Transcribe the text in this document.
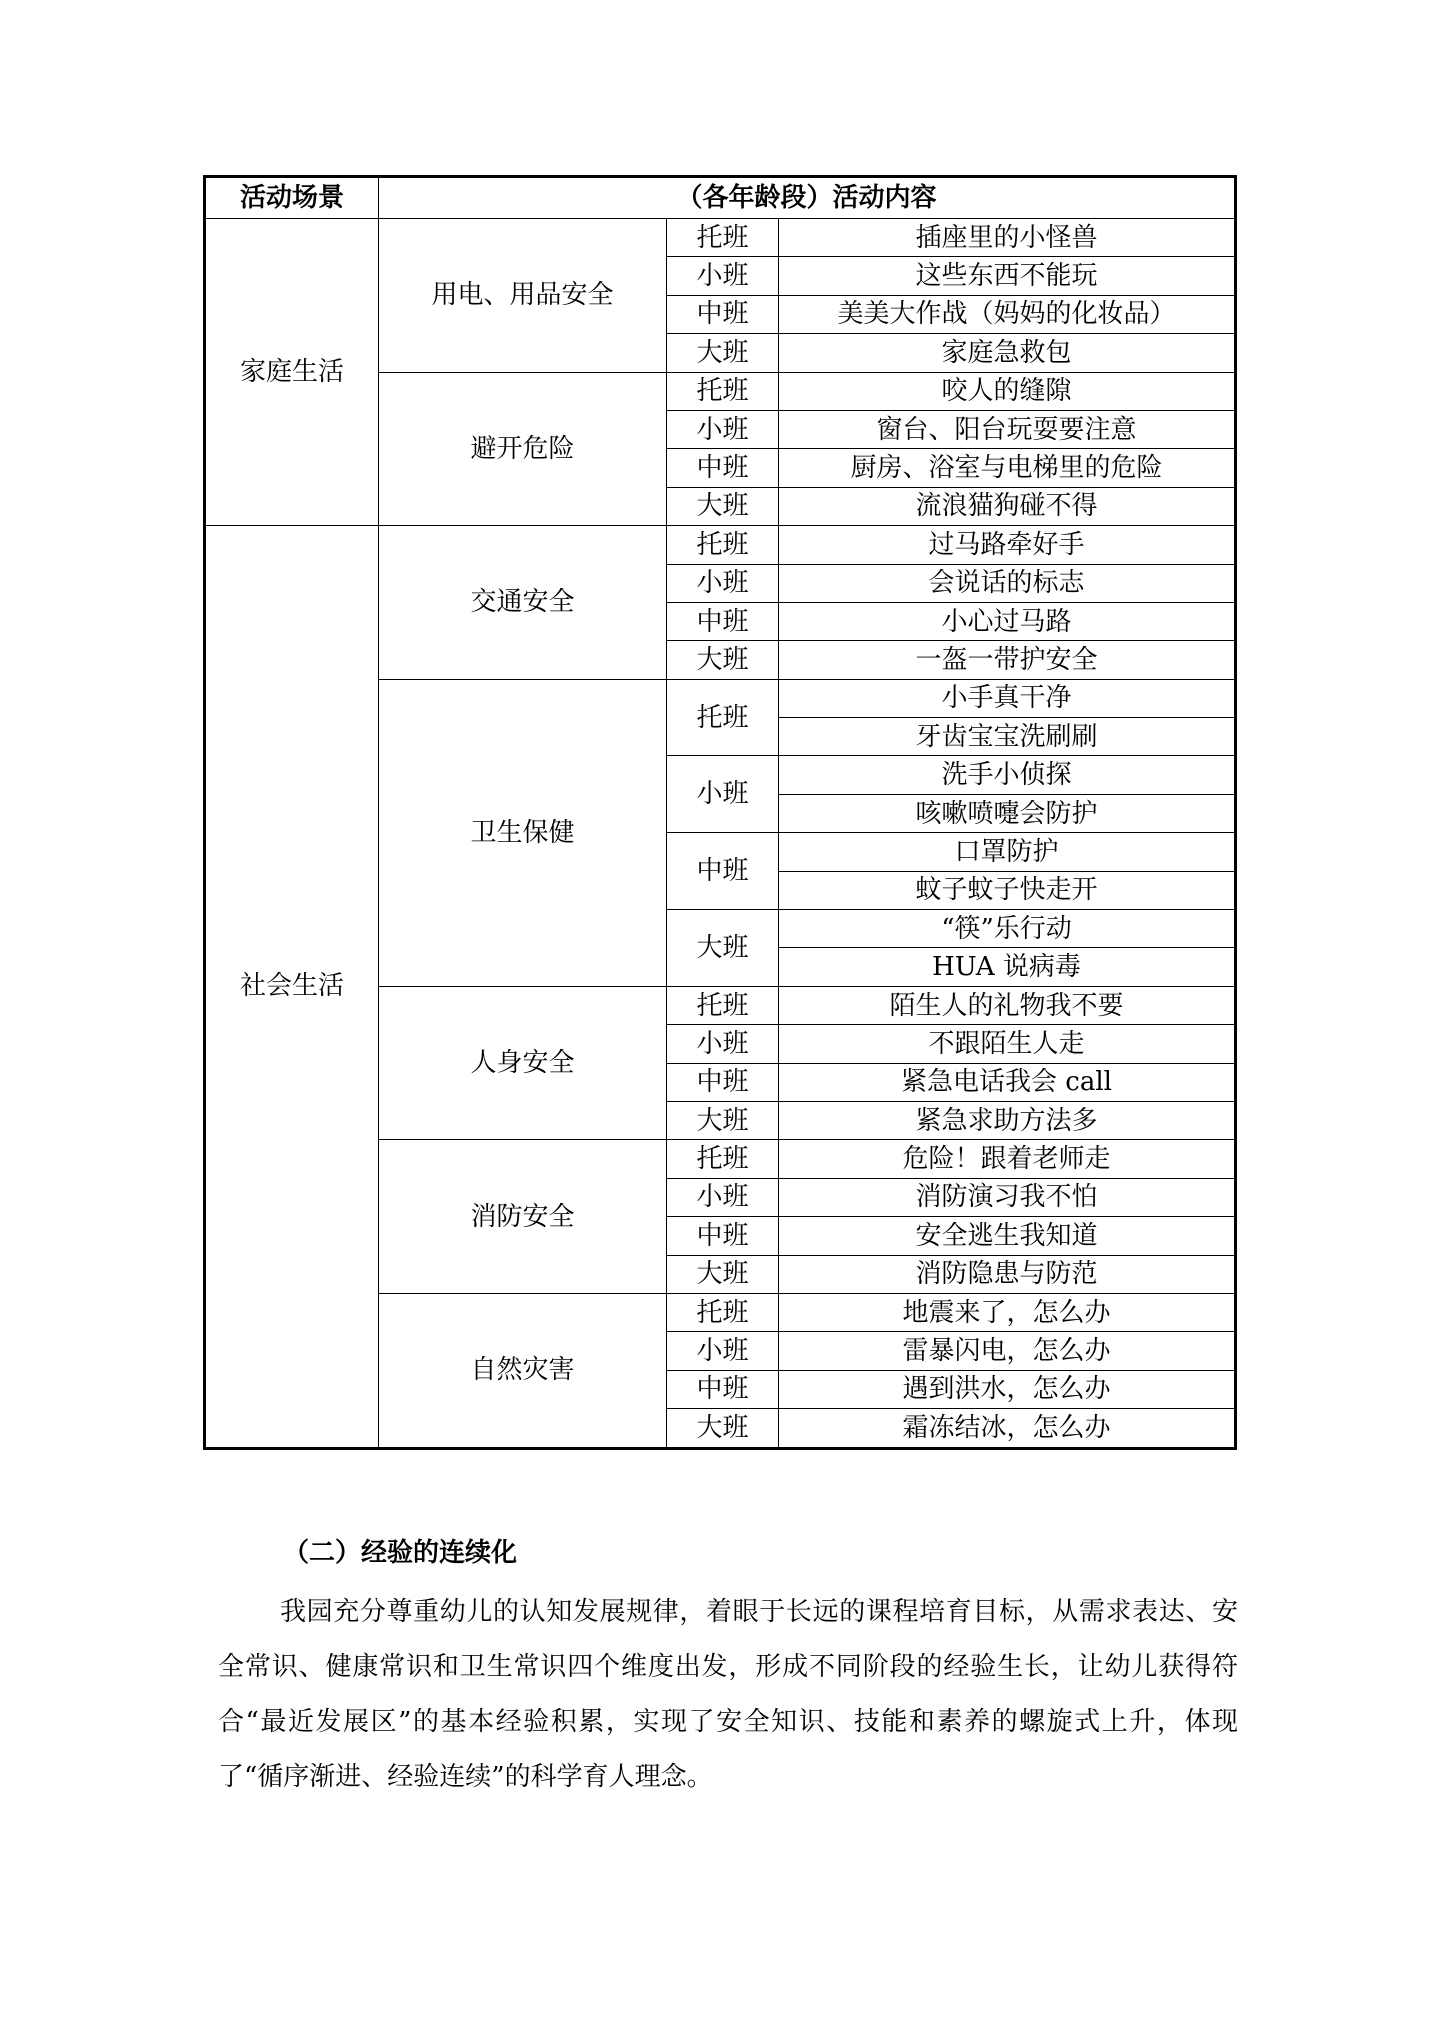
活动场景	（各年龄段）活动内容		
家庭生活	用电、用品安全	托班	插座里的小怪兽
		小班	这些东西不能玩
		中班	美美大作战（妈妈的化妆品）
		大班	家庭急救包
	避开危险	托班	咬人的缝隙
		小班	窗台、阳台玩耍要注意
		中班	厨房、浴室与电梯里的危险
		大班	流浪猫狗碰不得
社会生活	交通安全	托班	过马路牵好手
		小班	会说话的标志
		中班	小心过马路
		大班	一盔一带护安全
	卫生保健	托班	小手真干净
			牙齿宝宝洗刷刷
		小班	洗手小侦探
			咳嗽喷嚏会防护
		中班	口罩防护
			蚊子蚊子快走开
		大班	“筷”乐行动
			HUA 说病毒
	人身安全	托班	陌生人的礼物我不要
		小班	不跟陌生人走
		中班	紧急电话我会 call
		大班	紧急求助方法多
	消防安全	托班	危险！跟着老师走
		小班	消防演习我不怕
		中班	安全逃生我知道
		大班	消防隐患与防范
	自然灾害	托班	地震来了，怎么办
		小班	雷暴闪电，怎么办
		中班	遇到洪水，怎么办
		大班	霜冻结冰，怎么办
（二）经验的连续化

我园充分尊重幼儿的认知发展规律，着眼于长远的课程培育目标，从需求表达、安全常识、健康常识和卫生常识四个维度出发，形成不同阶段的经验生长，让幼儿获得符合“最近发展区”的基本经验积累，实现了安全知识、技能和素养的螺旋式上升，体现了“循序渐进、经验连续”的科学育人理念。
